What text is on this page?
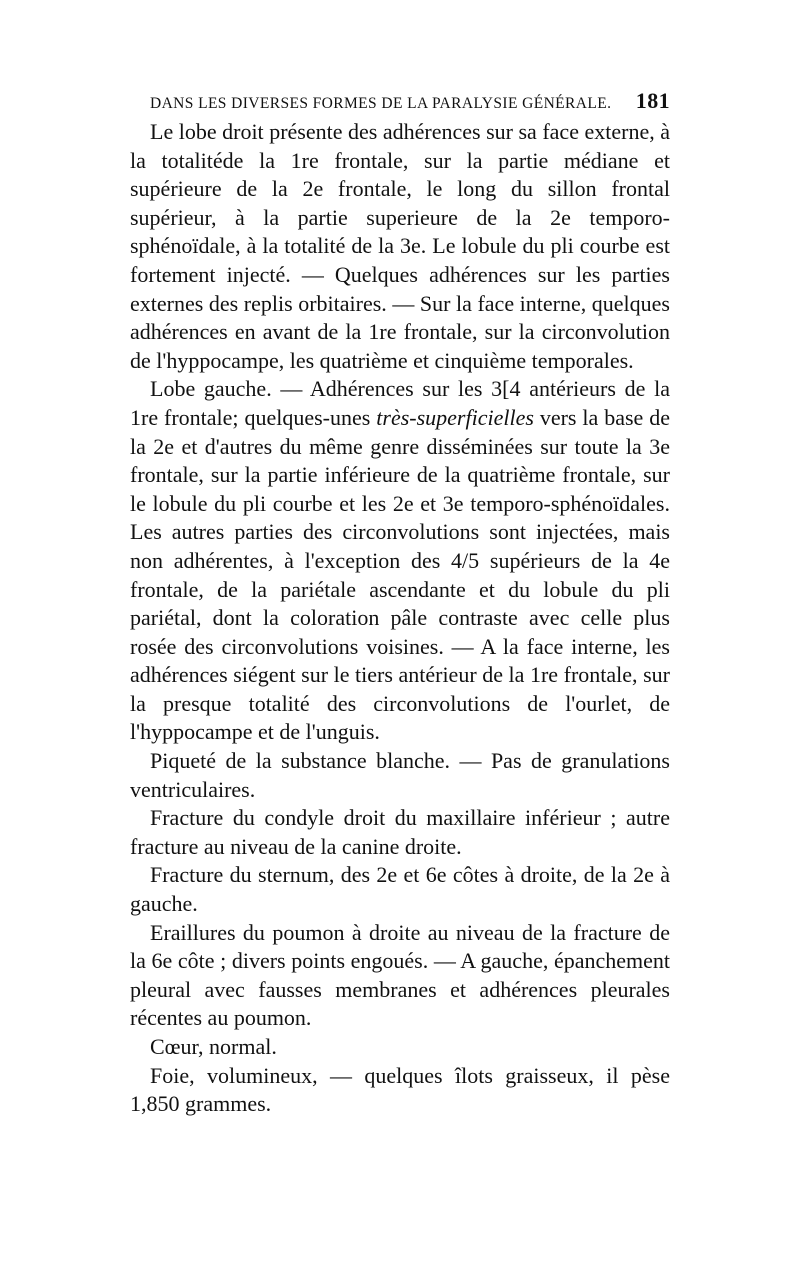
DANS LES DIVERSES FORMES DE LA PARALYSIE GÉNÉRALE. 181

Le lobe droit présente des adhérences sur sa face externe, à la totalitéde la 1re frontale, sur la partie médiane et supérieure de la 2e frontale, le long du sillon frontal supérieur, à la partie superieure de la 2e temporo-sphénoïdale, à la totalité de la 3e. Le lobule du pli courbe est fortement injecté. — Quelques adhérences sur les parties externes des replis orbitaires. — Sur la face interne, quelques adhérences en avant de la 1re frontale, sur la circonvolution de l'hyppocampe, les quatrième et cinquième temporales.

Lobe gauche. — Adhérences sur les 3[4 antérieurs de la 1re frontale; quelques-unes très-superficielles vers la base de la 2e et d'autres du même genre disséminées sur toute la 3e frontale, sur la partie inférieure de la quatrième frontale, sur le lobule du pli courbe et les 2e et 3e temporo-sphénoïdales. Les autres parties des circonvolutions sont injectées, mais non adhérentes, à l'exception des 4/5 supérieurs de la 4e frontale, de la pariétale ascendante et du lobule du pli pariétal, dont la coloration pâle contraste avec celle plus rosée des circonvolutions voisines. — A la face interne, les adhérences siégent sur le tiers antérieur de la 1re frontale, sur la presque totalité des circonvolutions de l'ourlet, de l'hyppocampe et de l'unguis.

Piqueté de la substance blanche. — Pas de granulations ventriculaires.

Fracture du condyle droit du maxillaire inférieur ; autre fracture au niveau de la canine droite.

Fracture du sternum, des 2e et 6e côtes à droite, de la 2e à gauche.

Eraillures du poumon à droite au niveau de la fracture de la 6e côte ; divers points engoués. — A gauche, épanchement pleural avec fausses membranes et adhérences pleurales récentes au poumon.

Cœur, normal.

Foie, volumineux, — quelques îlots graisseux, il pèse 1,850 grammes.
